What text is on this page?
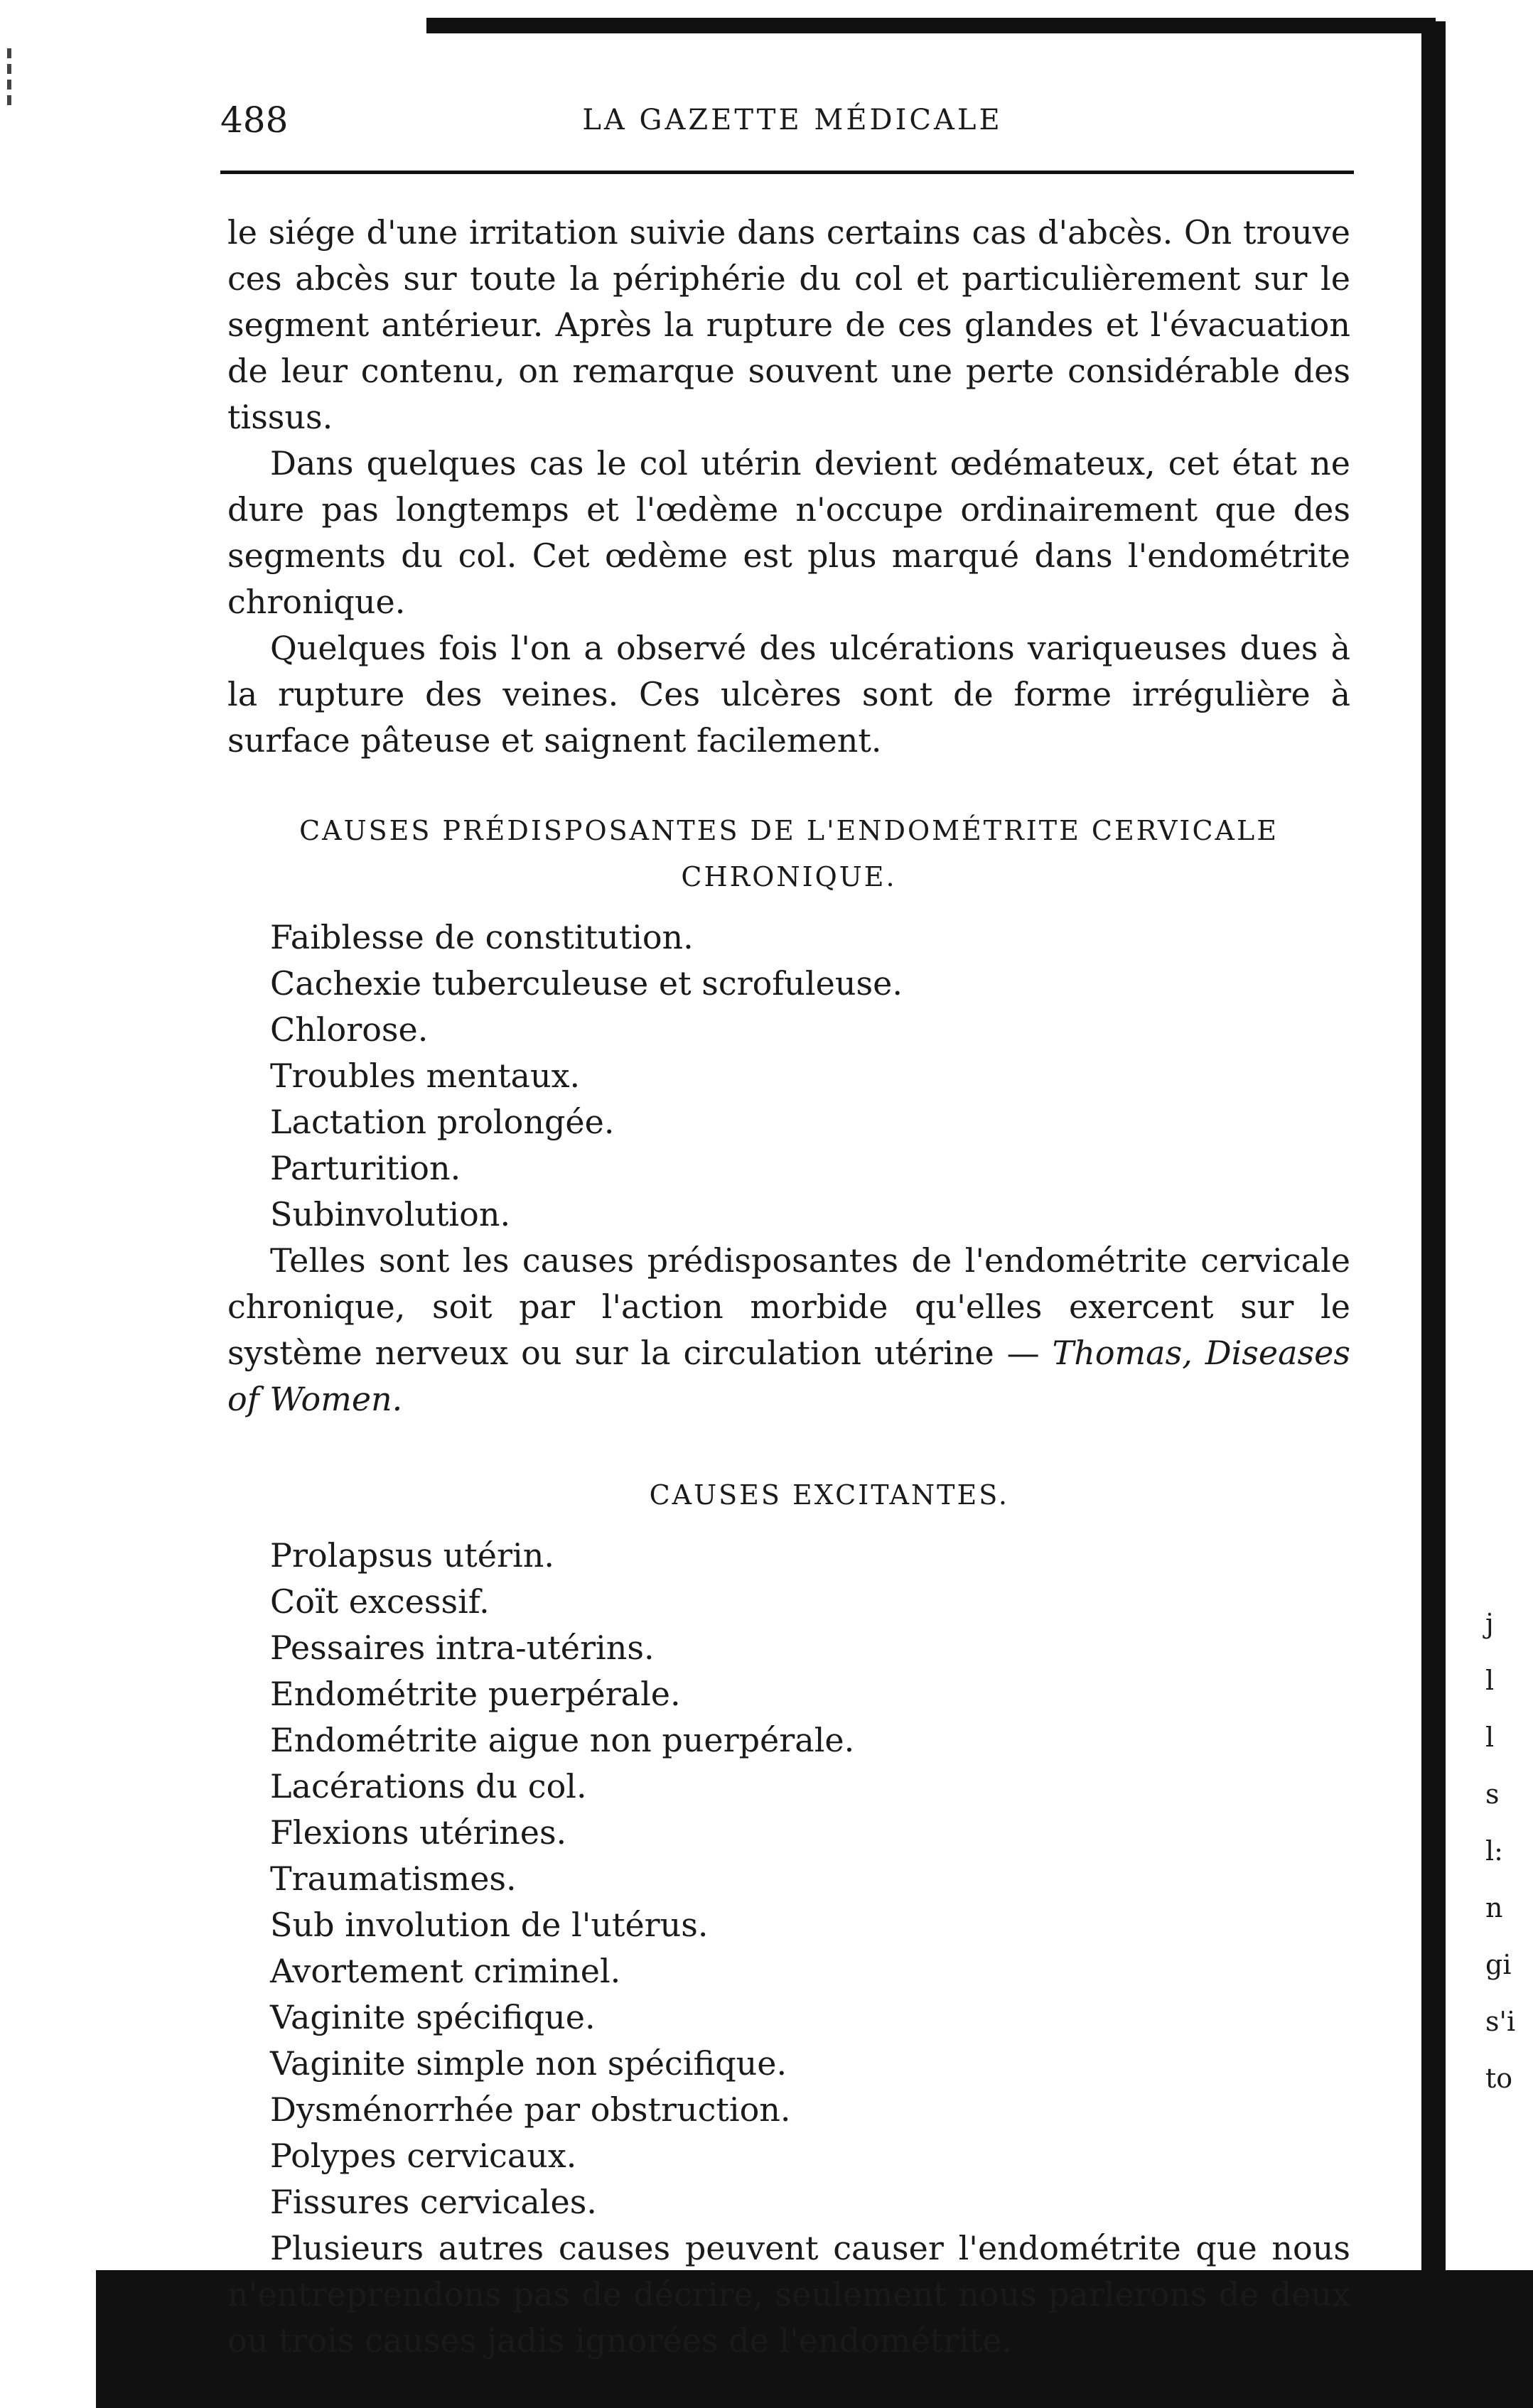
488	LA GAZETTE MÉDICALE

le siége d'une irritation suivie dans certains cas d'abcès. On trouve ces abcès sur toute la périphérie du col et particulièrement sur le segment antérieur. Après la rupture de ces glandes et l'évacuation de leur contenu, on remarque souvent une perte considérable des tissus.

Dans quelques cas le col utérin devient œdémateux, cet état ne dure pas longtemps et l'œdème n'occupe ordinairement que des segments du col. Cet œdème est plus marqué dans l'endométrite chronique.

Quelques fois l'on a observé des ulcérations variqueuses dues à la rupture des veines. Ces ulcères sont de forme irrégulière à surface pâteuse et saignent facilement.

CAUSES PRÉDISPOSANTES DE L'ENDOMÉTRITE CERVICALE CHRONIQUE.
Faiblesse de constitution.
Cachexie tuberculeuse et scrofuleuse.
Chlorose.
Troubles mentaux.
Lactation prolongée.
Parturition.
Subinvolution.

Telles sont les causes prédisposantes de l'endométrite cervicale chronique, soit par l'action morbide qu'elles exercent sur le système nerveux ou sur la circulation utérine — Thomas, Diseases of Women.

CAUSES EXCITANTES.
Prolapsus utérin.
Coït excessif.
Pessaires intra-utérins.
Endométrite puerpérale.
Endométrite aigue non puerpérale.
Lacérations du col.
Flexions utérines.
Traumatismes.
Sub involution de l'utérus.
Avortement criminel.
Vaginite spécifique.
Vaginite simple non spécifique.
Dysménorrhée par obstruction.
Polypes cervicaux.
Fissures cervicales.

Plusieurs autres causes peuvent causer l'endométrite que nous n'entreprendons pas de décrire, seulement nous parlerons de deux ou trois causes jadis ignorées de l'endométrite.

j
l
l
s
l:
n
gi
s'i
to
